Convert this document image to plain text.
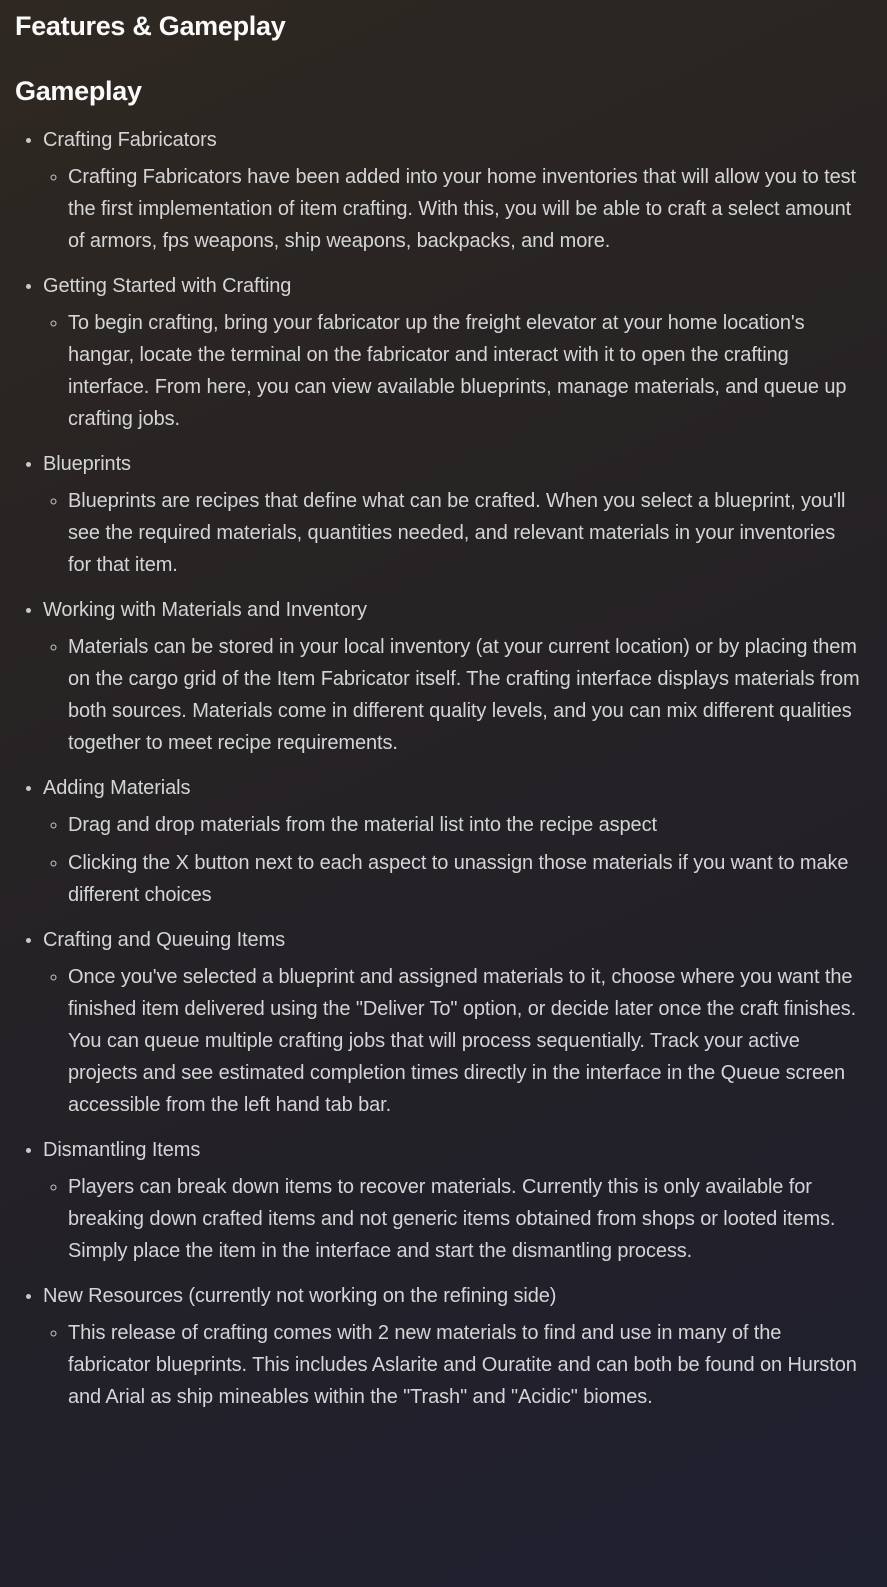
Features & Gameplay
Gameplay
• Crafting Fabricators
◦ Crafting Fabricators have been added into your home inventories that will allow you to test the first implementation of item crafting. With this, you will be able to craft a select amount of armors, fps weapons, ship weapons, backpacks, and more.
• Getting Started with Crafting
◦ To begin crafting, bring your fabricator up the freight elevator at your home location's hangar, locate the terminal on the fabricator and interact with it to open the crafting interface. From here, you can view available blueprints, manage materials, and queue up crafting jobs.
• Blueprints
◦ Blueprints are recipes that define what can be crafted. When you select a blueprint, you'll see the required materials, quantities needed, and relevant materials in your inventories for that item.
• Working with Materials and Inventory
◦ Materials can be stored in your local inventory (at your current location) or by placing them on the cargo grid of the Item Fabricator itself. The crafting interface displays materials from both sources. Materials come in different quality levels, and you can mix different qualities together to meet recipe requirements.
• Adding Materials
◦ Drag and drop materials from the material list into the recipe aspect
◦ Clicking the X button next to each aspect to unassign those materials if you want to make different choices
• Crafting and Queuing Items
◦ Once you've selected a blueprint and assigned materials to it, choose where you want the finished item delivered using the "Deliver To" option, or decide later once the craft finishes. You can queue multiple crafting jobs that will process sequentially. Track your active projects and see estimated completion times directly in the interface in the Queue screen accessible from the left hand tab bar.
• Dismantling Items
◦ Players can break down items to recover materials. Currently this is only available for breaking down crafted items and not generic items obtained from shops or looted items. Simply place the item in the interface and start the dismantling process.
• New Resources (currently not working on the refining side)
◦ This release of crafting comes with 2 new materials to find and use in many of the fabricator blueprints. This includes Aslarite and Ouratite and can both be found on Hurston and Arial as ship mineables within the "Trash" and "Acidic" biomes.
